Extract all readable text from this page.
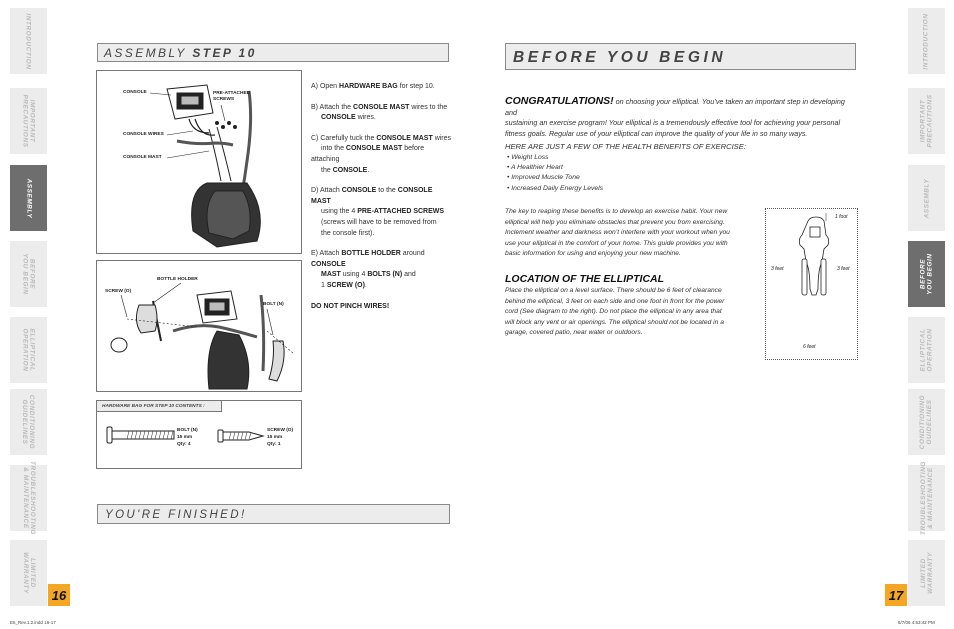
INTRODUCTION
IMPORTANT
PRECAUTIONS
ASSEMBLY
BEFORE
YOU BEGIN
ELLIPTICAL
OPERATION
CONDITIONING
GUIDELINES
TROUBLESHOOTING
& MAINTENANCE
LIMITED
WARRANTY
INTRODUCTION
IMPORTANT
PRECAUTIONS
ASSEMBLY
BEFORE
YOU BEGIN
ELLIPTICAL
OPERATION
CONDITIONING
GUIDELINES
TROUBLESHOOTING
& MAINTENANCE
LIMITED
WARRANTY
ASSEMBLY STEP 10
CONSOLE	PRE-ATTACHED
SCREWS
CONSOLE WIRES
CONSOLE MAST
BOTTLE HOLDER
SCREW (O)
BOLT (N)
HARDWARE BAG FOR STEP 10 CONTENTS :
BOLT (N)
15 mm
Qty: 4
SCREW (O)
15 mm
Qty: 1
A) Open HARDWARE BAG for step 10.
B) Attach the CONSOLE MAST wires to the
CONSOLE wires.
C) Carefully tuck the CONSOLE MAST wires
into the CONSOLE MAST before attaching
the CONSOLE.
D) Attach CONSOLE to the CONSOLE MAST
using the 4 PRE-ATTACHED SCREWS
(screws will have to be removed from
the console first).
E) Attach BOTTLE HOLDER around CONSOLE
MAST using 4 BOLTS (N) and
1 SCREW (O).
DO NOT PINCH WIRES!
YOU'RE FINISHED!
16
E6_Rev.1.2.indd 16-17
BEFORE YOU BEGIN
CONGRATULATIONS! on choosing your elliptical. You’ve taken an important step in developing and
sustaining an exercise program! Your elliptical is a tremendously effective tool for achieving your personal
fitness goals. Regular use of your elliptical can improve the quality of your life in so many ways.
HERE ARE JUST A FEW OF THE HEALTH BENEFITS OF EXERCISE:
• Weight Loss
• A Healthier Heart
• Improved Muscle Tone
• Increased Daily Energy Levels
The key to reaping these benefits is to develop an exercise habit. Your new
elliptical will help you eliminate obstacles that prevent you from exercising.
Inclement weather and darkness won’t interfere with your workout when you
use your elliptical in the comfort of your home. This guide provides you with
basic information for using and enjoying your new machine.
LOCATION OF THE ELLIPTICAL
Place the elliptical on a level surface. There should be 6 feet of clearance
behind the elliptical, 3 feet on each side and one foot in front for the power
cord (See diagram to the right). Do not place the elliptical in any area that
will block any vent or air openings. The elliptical should not be located in a
garage, covered patio, near water or outdoors.
1 foot
3 feet	3 feet
6 feet
17
6/7/06 4:53:42 PM
